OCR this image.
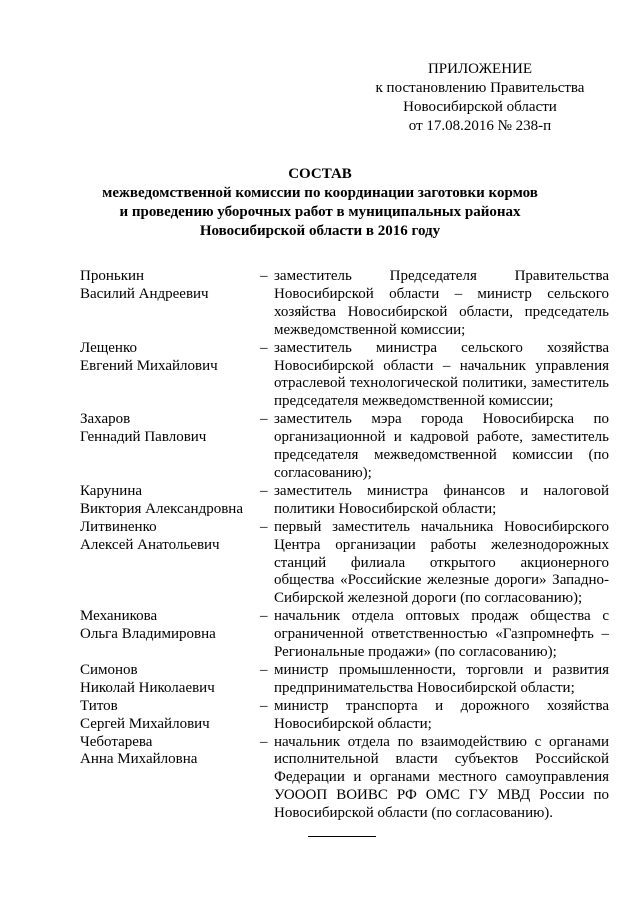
ПРИЛОЖЕНИЕ
к постановлению Правительства
Новосибирской области
от 17.08.2016 № 238-п
СОСТАВ
межведомственной комиссии по координации заготовки кормов
и проведению уборочных работ в муниципальных районах
Новосибирской области в 2016 году
Пронькин
Василий Андреевич
– заместитель Председателя Правительства Новосибирской области – министр сельского хозяйства Новосибирской области, председатель межведомственной комиссии;
Лещенко
Евгений Михайлович
– заместитель министра сельского хозяйства Новосибирской области – начальник управления отраслевой технологической политики, заместитель председателя межведомственной комиссии;
Захаров
Геннадий Павлович
– заместитель мэра города Новосибирска по организационной и кадровой работе, заместитель председателя межведомственной комиссии (по согласованию);
Карунина
Виктория Александровна
– заместитель министра финансов и налоговой политики Новосибирской области;
Литвиненко
Алексей Анатольевич
– первый заместитель начальника Новосибирского Центра организации работы железнодорожных станций филиала открытого акционерного общества «Российские железные дороги» Западно-Сибирской железной дороги (по согласованию);
Механикова
Ольга Владимировна
– начальник отдела оптовых продаж общества с ограниченной ответственностью «Газпромнефть – Региональные продажи» (по согласованию);
Симонов
Николай Николаевич
– министр промышленности, торговли и развития предпринимательства Новосибирской области;
Титов
Сергей Михайлович
– министр транспорта и дорожного хозяйства Новосибирской области;
Чеботарева
Анна Михайловна
– начальник отдела по взаимодействию с органами исполнительной власти субъектов Российской Федерации и органами местного самоуправления УОООП ВОИВС РФ ОМС ГУ МВД России по Новосибирской области (по согласованию).
